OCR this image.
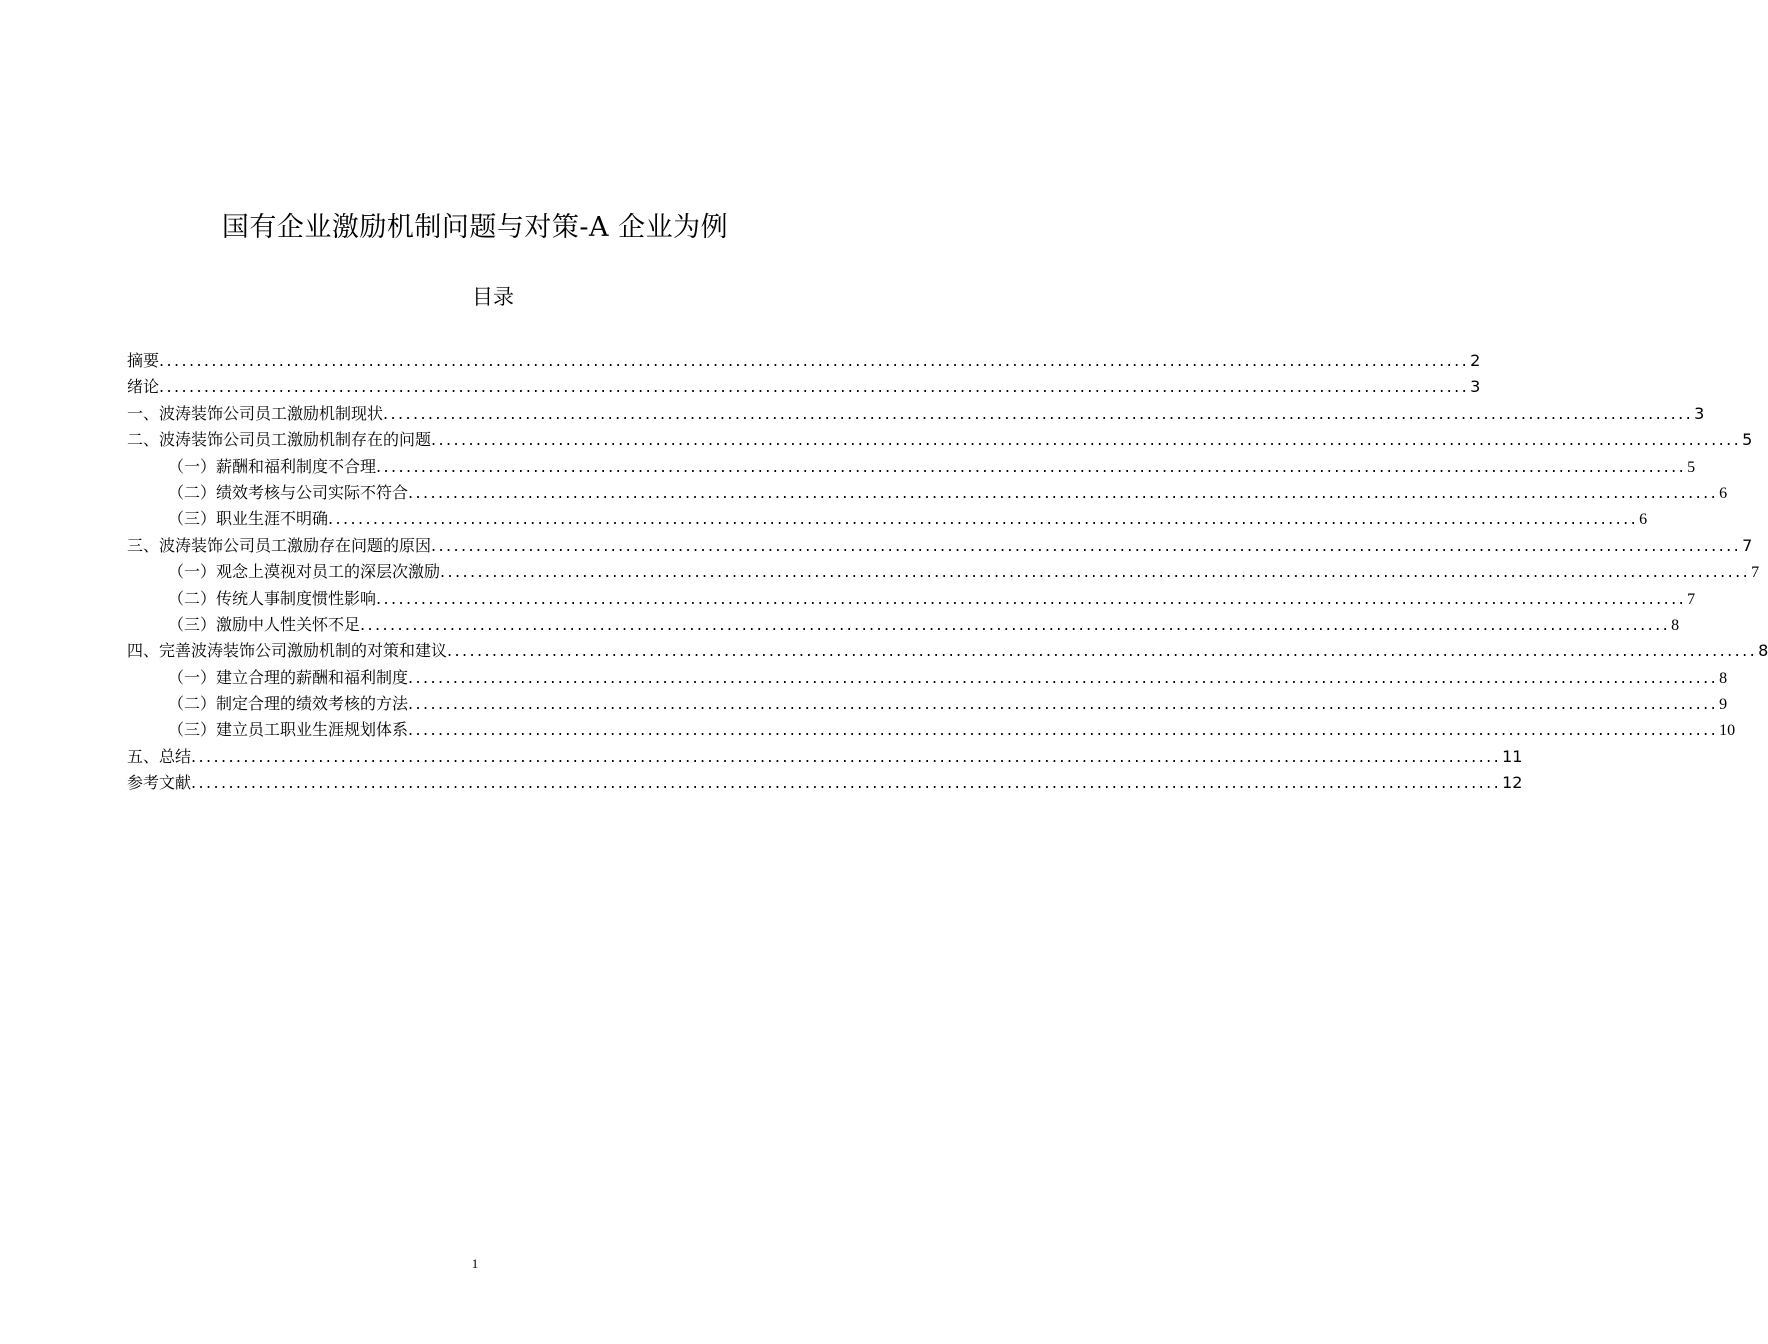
国有企业激励机制问题与对策-A 企业为例
目录
摘要 ............................................................................................................................................................................... 2
绪论 ............................................................................................................................................................................... 3
一、波涛装饰公司员工激励机制现状 ............................................................................................................................................................................... 3
二、波涛装饰公司员工激励机制存在的问题 ............................................................................................................................................................................... 5
（一）薪酬和福利制度不合理 ............................................................................................................................................................................... 5
（二）绩效考核与公司实际不符合 ............................................................................................................................................................................... 6
（三）职业生涯不明确 ............................................................................................................................................................................... 6
三、波涛装饰公司员工激励存在问题的原因 ............................................................................................................................................................................... 7
（一）观念上漠视对员工的深层次激励 ............................................................................................................................................................................... 7
（二）传统人事制度惯性影响 ............................................................................................................................................................................... 7
（三）激励中人性关怀不足 ............................................................................................................................................................................... 8
四、完善波涛装饰公司激励机制的对策和建议 ............................................................................................................................................................................... 8
（一）建立合理的薪酬和福利制度 ............................................................................................................................................................................... 8
（二）制定合理的绩效考核的方法 ............................................................................................................................................................................... 9
（三）建立员工职业生涯规划体系 ............................................................................................................................................................................... 10
五、总结 ............................................................................................................................................................................... 11
参考文献 ............................................................................................................................................................................... 12
1
